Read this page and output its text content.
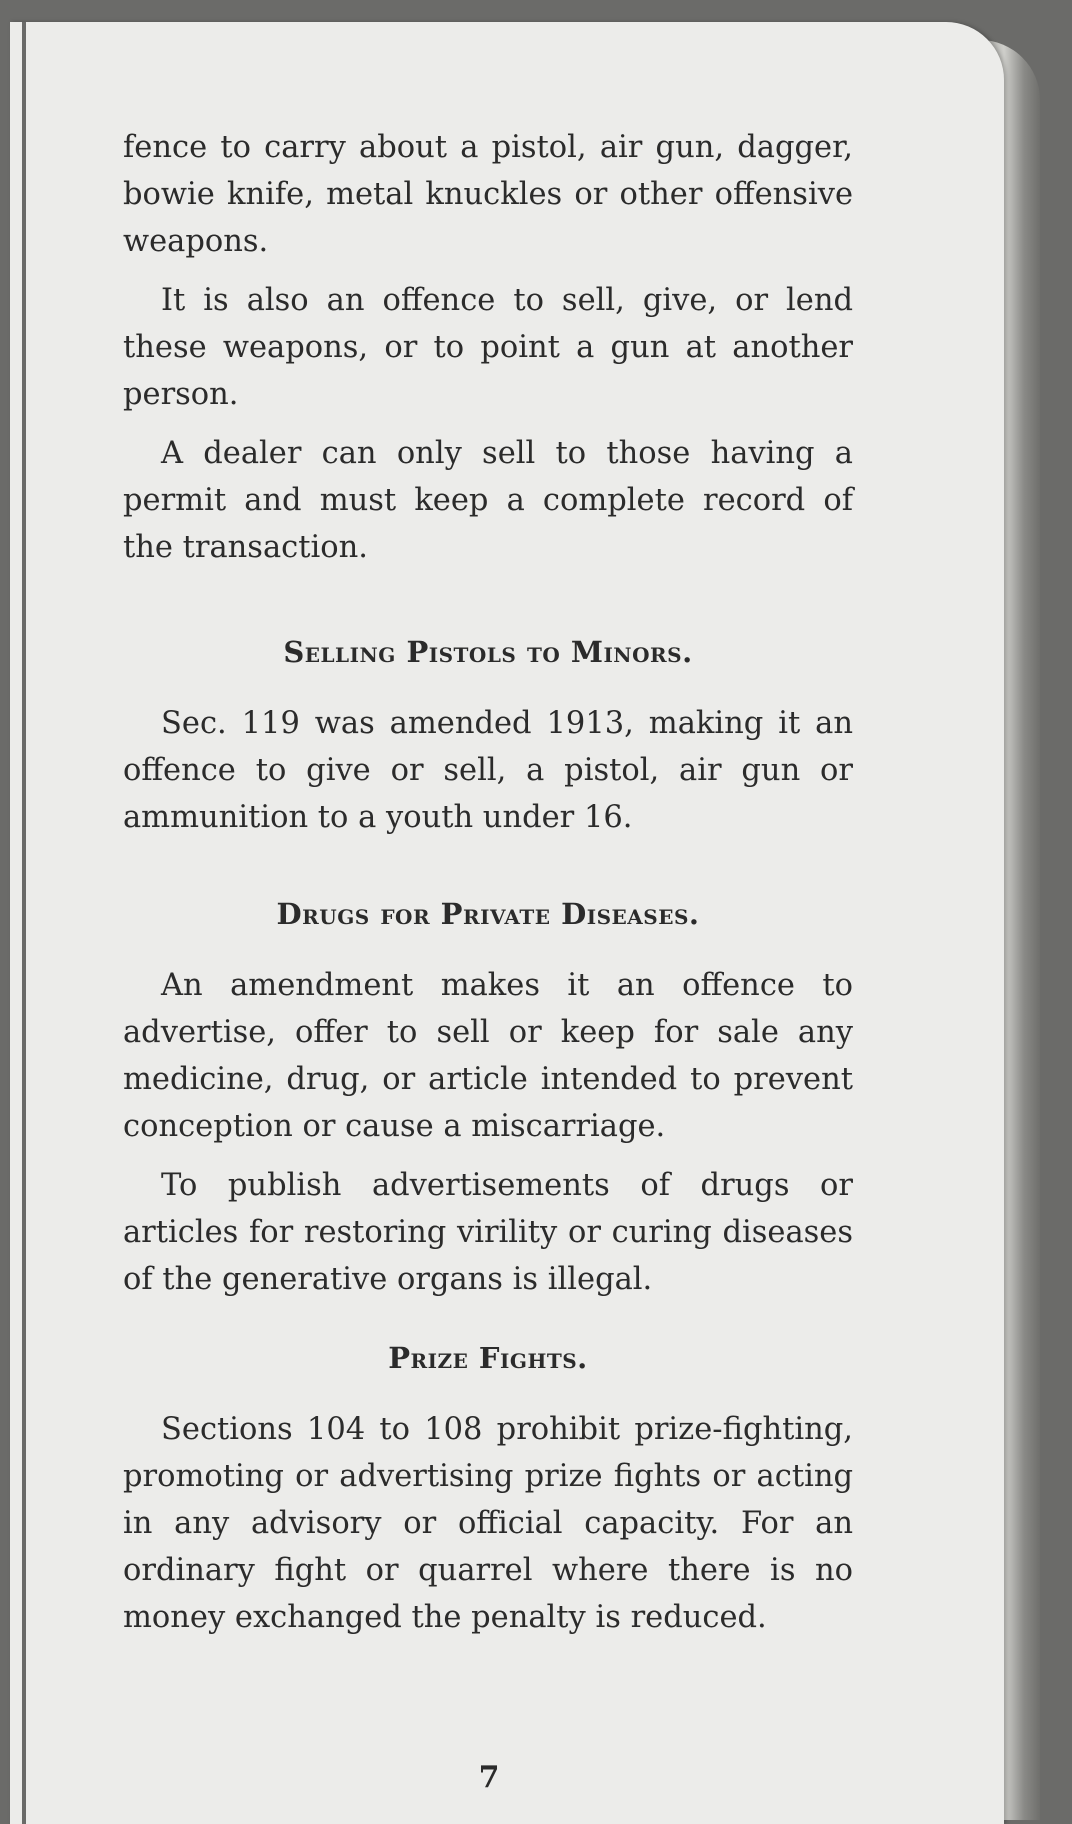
fence to carry about a pistol, air gun, dagger, bowie knife, metal knuckles or other offensive weapons.

It is also an offence to sell, give, or lend these weapons, or to point a gun at another person.

A dealer can only sell to those having a permit and must keep a complete record of the transaction.

Selling Pistols to Minors.

Sec. 119 was amended 1913, making it an offence to give or sell, a pistol, air gun or ammunition to a youth under 16.

Drugs for Private Diseases.

An amendment makes it an offence to advertise, offer to sell or keep for sale any medicine, drug, or article intended to prevent conception or cause a miscarriage.

To publish advertisements of drugs or articles for restoring virility or curing diseases of the generative organs is illegal.

Prize Fights.

Sections 104 to 108 prohibit prize-fighting, promoting or advertising prize fights or acting in any advisory or official capacity. For an ordinary fight or quarrel where there is no money exchanged the penalty is reduced.

7
